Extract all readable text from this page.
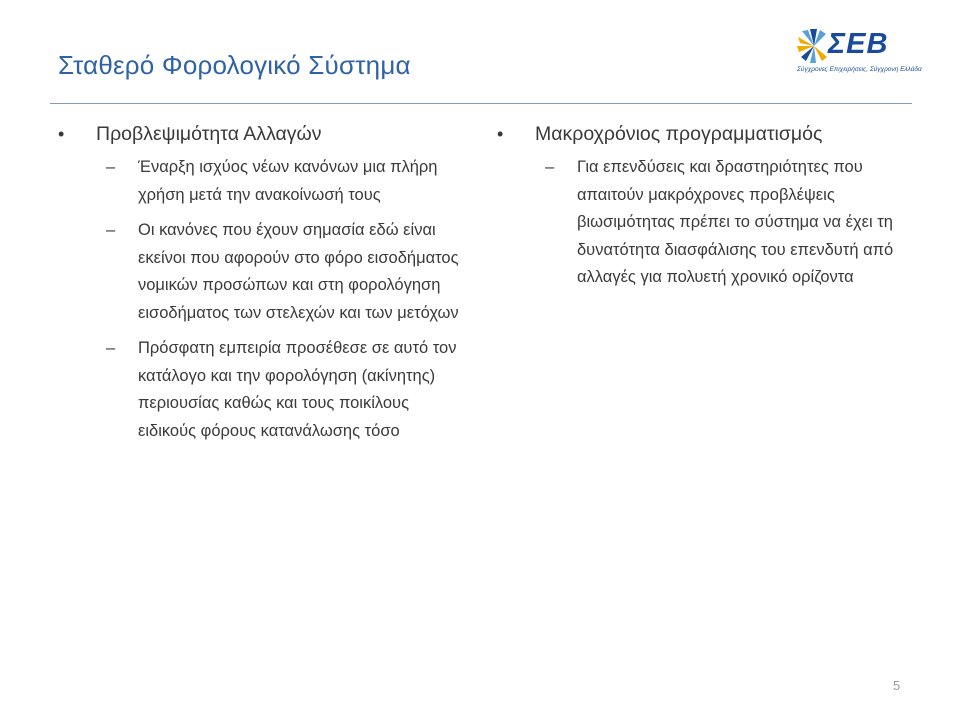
Σταθερό Φορολογικό Σύστημα
ΣΕΒ
Σύγχρονες Επιχειρήσεις, Σύγχρονη Ελλάδα
• Προβλεψιμότητα Αλλαγών
– Έναρξη ισχύος νέων κανόνων μια πλήρη χρήση μετά την ανακοίνωσή τους
– Οι κανόνες που έχουν σημασία εδώ είναι εκείνοι που αφορούν στο φόρο εισοδήματος νομικών προσώπων και στη φορολόγηση εισοδήματος των στελεχών και των μετόχων
– Πρόσφατη εμπειρία προσέθεσε σε αυτό τον κατάλογο και την φορολόγηση (ακίνητης) περιουσίας καθώς και τους ποικίλους ειδικούς φόρους κατανάλωσης τόσο
• Μακροχρόνιος προγραμματισμός
– Για επενδύσεις και δραστηριότητες που απαιτούν μακρόχρονες προβλέψεις βιωσιμότητας πρέπει το σύστημα να έχει τη δυνατότητα διασφάλισης του επενδυτή από αλλαγές για πολυετή χρονικό ορίζοντα
5
